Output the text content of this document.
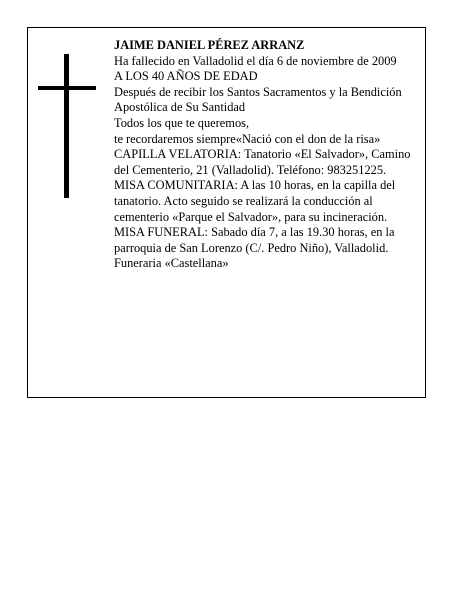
JAIME DANIEL PÉREZ ARRANZ

Ha fallecido en Valladolid el día 6 de noviembre de 2009

A LOS 40 AÑOS DE EDAD

Después de recibir los Santos Sacramentos y la Bendición Apostólica de Su Santidad

Todos los que te queremos,

te recordaremos siempre«Nació con el don de la risa»

CAPILLA VELATORIA: Tanatorio «El Salvador», Camino del Cementerio, 21 (Valladolid). Teléfono: 983251225.

MISA COMUNITARIA: A las 10 horas, en la capilla del tanatorio. Acto seguido se realizará la conducción al cementerio «Parque el Salvador», para su incineración.

MISA FUNERAL: Sabado día 7, a las 19.30 horas, en la parroquia de San Lorenzo (C/. Pedro Niño), Valladolid.

Funeraria «Castellana»
